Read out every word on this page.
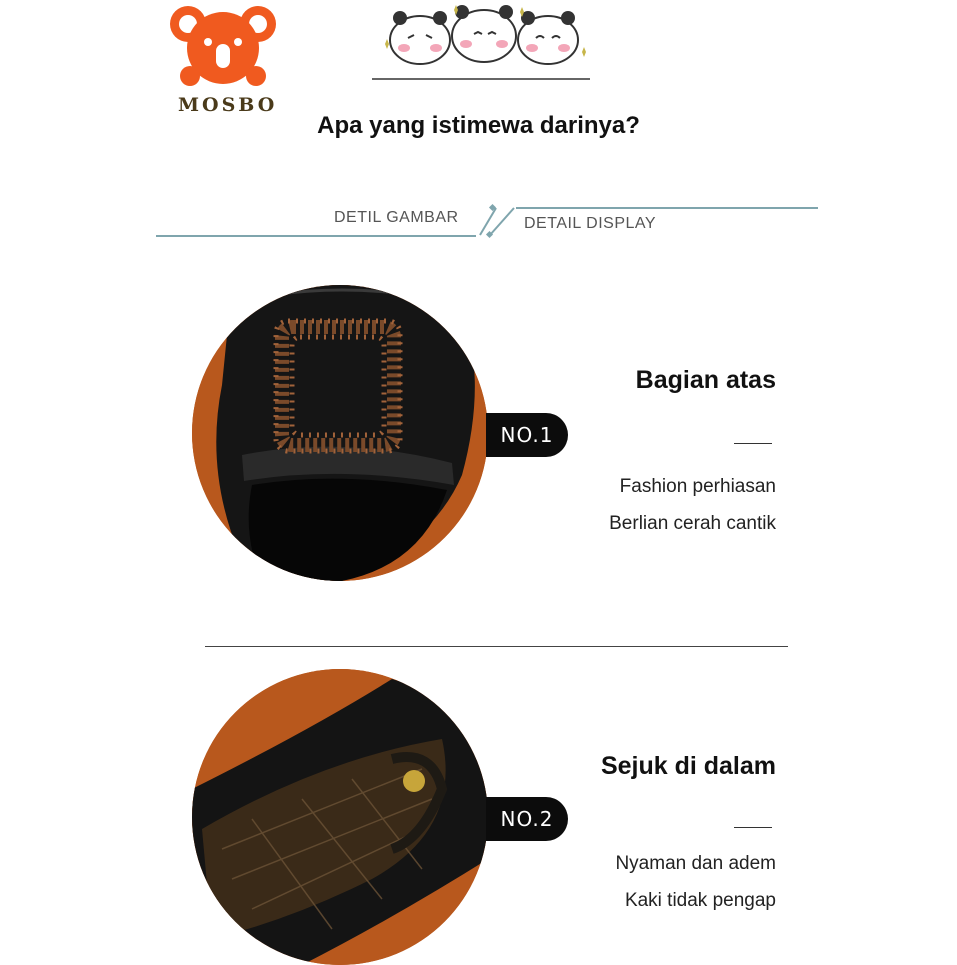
MOSBO
Apa yang istimewa darinya?
DETIL GAMBAR	DETAIL DISPLAY
NO.1
Bagian atas
Fashion perhiasan
Berlian cerah cantik
NO.2
Sejuk di dalam
Nyaman dan adem
Kaki tidak pengap
